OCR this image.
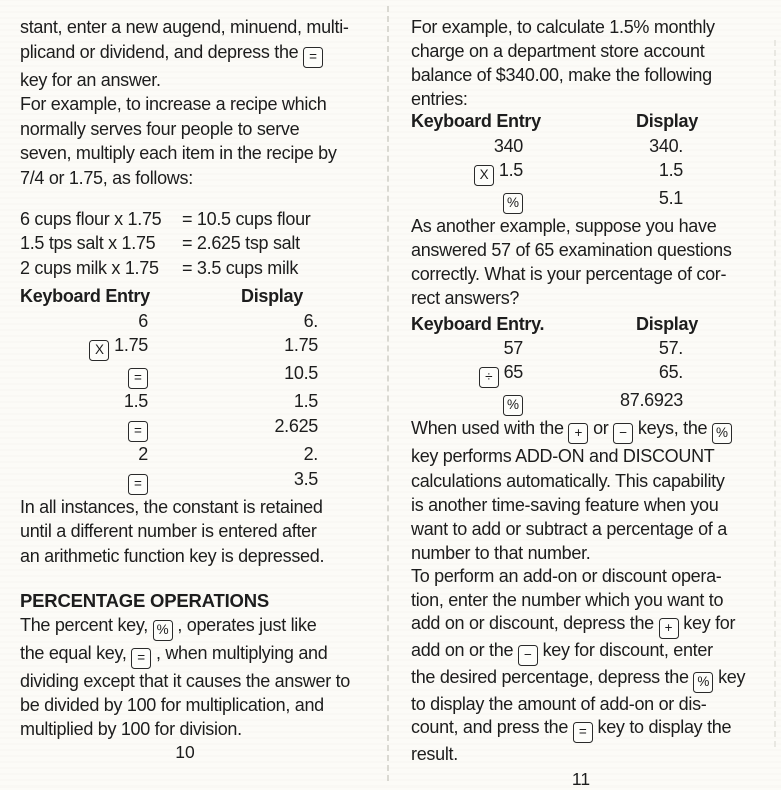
stant, enter a new augend, minuend, multi-
plicand or dividend, and depress the =
key for an answer.

For example, to increase a recipe which
normally serves four people to serve
seven, multiply each item in the recipe by
7/4 or 1.75, as follows:

6 cups flour x 1.75 = 10.5 cups flour
1.5 tps salt x 1.75 = 2.625 tsp salt
2 cups milk x 1.75 = 3.5 cups milk
Keyboard Entry	Display
6	6.
X 1.75	1.75
=	10.5
1.5	1.5
=	2.625
2	2.
=	3.5

In all instances, the constant is retained
until a different number is entered after
an arithmetic function key is depressed.

PERCENTAGE OPERATIONS

The percent key, % , operates just like
the equal key, = , when multiplying and
dividing except that it causes the answer to
be divided by 100 for multiplication, and
multiplied by 100 for division.

10

For example, to calculate 1.5% monthly
charge on a department store account
balance of $340.00, make the following
entries:

Keyboard Entry	Display
340	340.
X 1.5	1.5
%	5.1

As another example, suppose you have
answered 57 of 65 examination questions
correctly. What is your percentage of cor-
rect answers?

Keyboard Entry.	Display
57	57.
÷ 65	65.
%	87.6923

When used with the + or − keys, the %
key performs ADD-ON and DISCOUNT
calculations automatically. This capability
is another time-saving feature when you
want to add or subtract a percentage of a
number to that number.

To perform an add-on or discount opera-
tion, enter the number which you want to
add on or discount, depress the + key for
add on or the − key for discount, enter
the desired percentage, depress the % key
to display the amount of add-on or dis-
count, and press the = key to display the
result.

11
